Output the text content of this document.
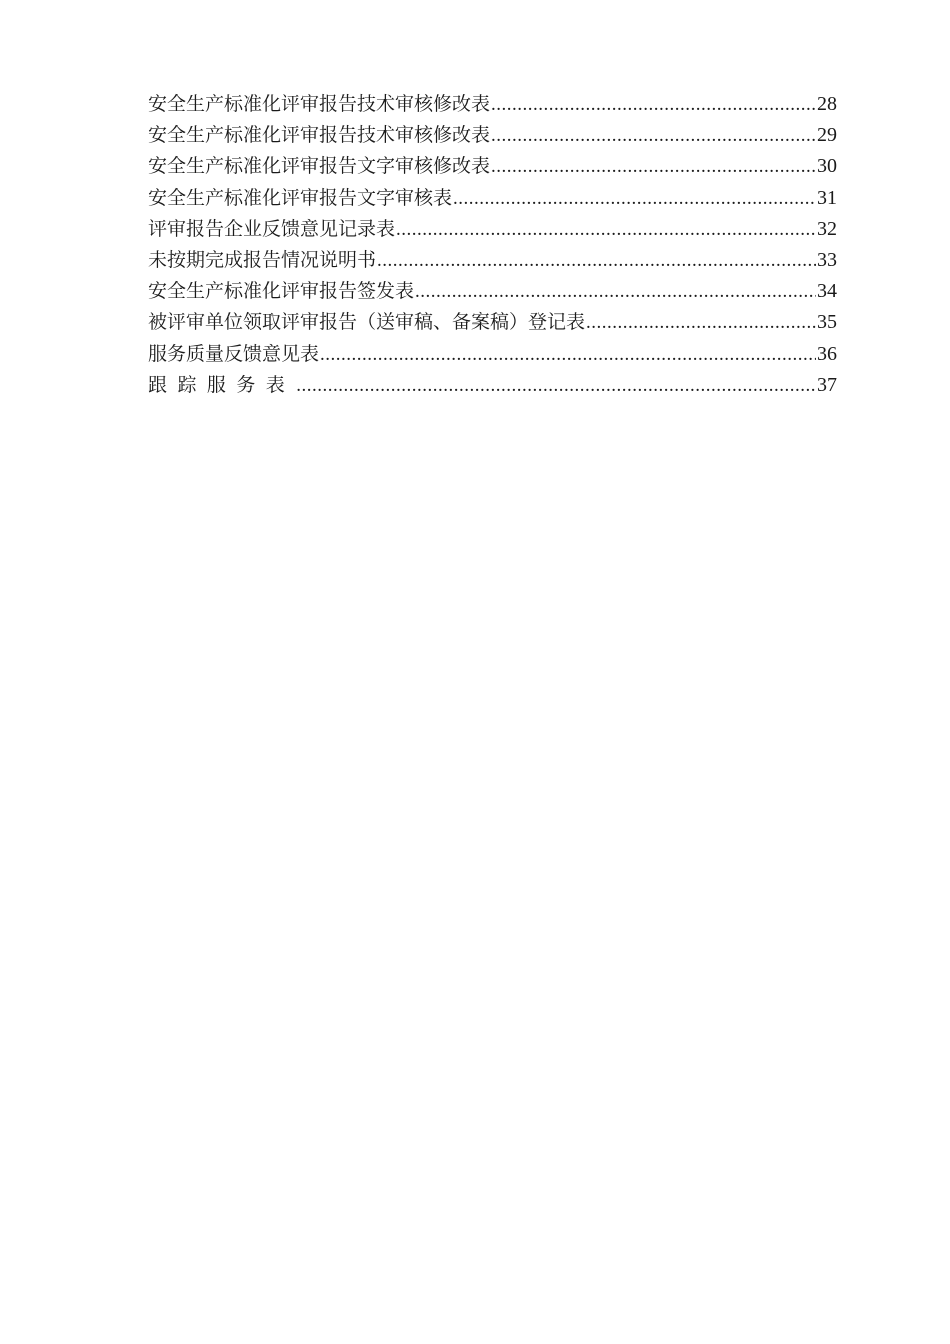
安全生产标准化评审报告技术审核修改表 .....	28
安全生产标准化评审报告技术审核修改表 .....	29
安全生产标准化评审报告文字审核修改表 .....	30
安全生产标准化评审报告文字审核表 .....	31
评审报告企业反馈意见记录表 .....	32
未按期完成报告情况说明书 .....	33
安全生产标准化评审报告签发表 .....	34
被评审单位领取评审报告（送审稿、备案稿）登记表 .....	35
服务质量反馈意见表 .....	36
跟踪服务表 .....	37
